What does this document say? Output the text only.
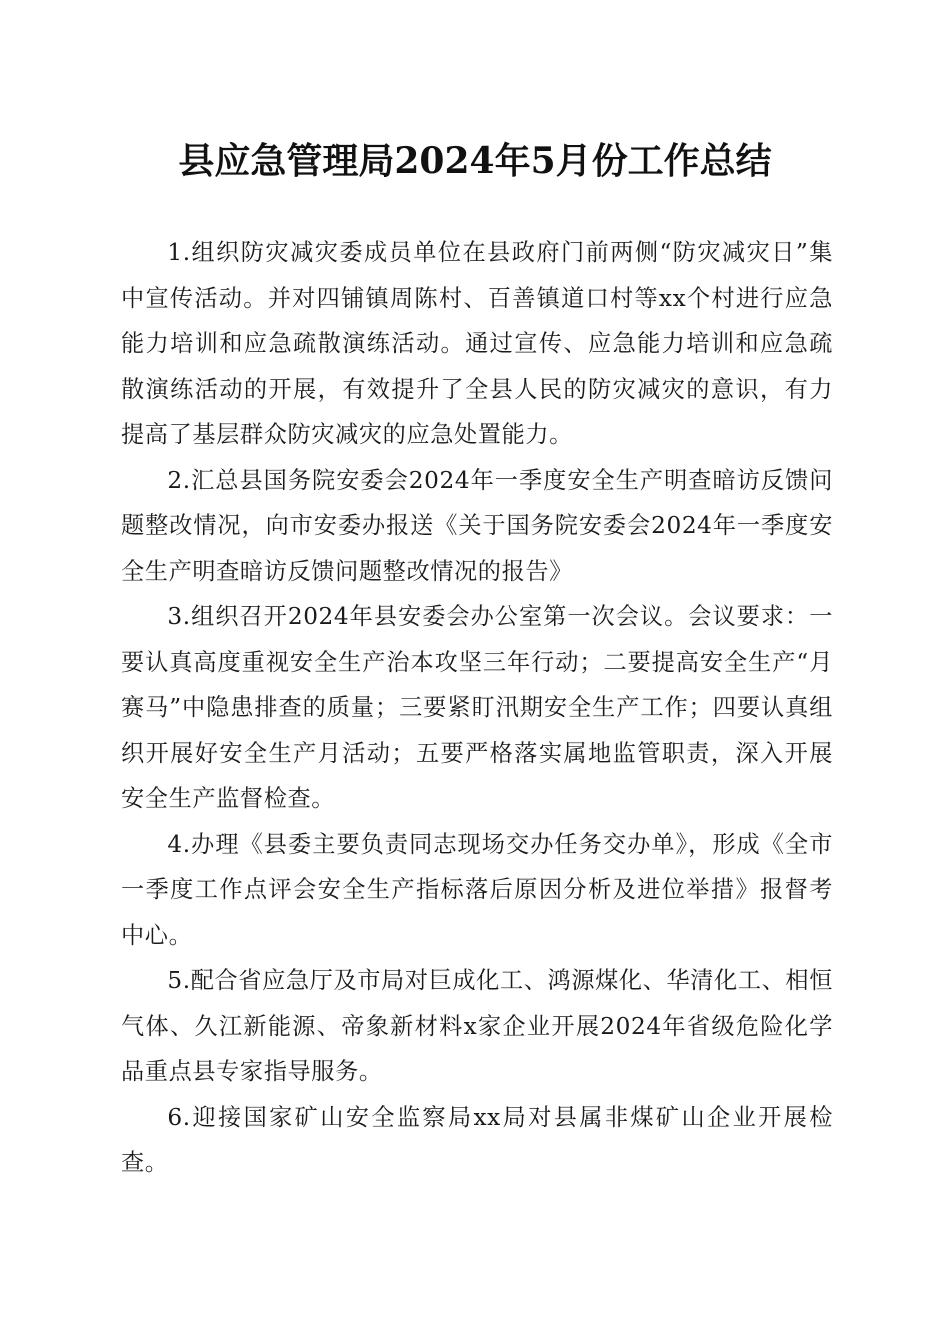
县应急管理局2024年5月份工作总结

1.组织防灾减灾委成员单位在县政府门前两侧“防灾减灾日”集中宣传活动。并对四铺镇周陈村、百善镇道口村等xx个村进行应急能力培训和应急疏散演练活动。通过宣传、应急能力培训和应急疏散演练活动的开展，有效提升了全县人民的防灾减灾的意识，有力提高了基层群众防灾减灾的应急处置能力。

2.汇总县国务院安委会2024年一季度安全生产明查暗访反馈问题整改情况，向市安委办报送《关于国务院安委会2024年一季度安全生产明查暗访反馈问题整改情况的报告》

3.组织召开2024年县安委会办公室第一次会议。会议要求：一要认真高度重视安全生产治本攻坚三年行动；二要提高安全生产“月赛马”中隐患排查的质量；三要紧盯汛期安全生产工作；四要认真组织开展好安全生产月活动；五要严格落实属地监管职责，深入开展安全生产监督检查。

4.办理《县委主要负责同志现场交办任务交办单》，形成《全市一季度工作点评会安全生产指标落后原因分析及进位举措》报督考中心。

5.配合省应急厅及市局对巨成化工、鸿源煤化、华清化工、相恒气体、久江新能源、帝象新材料x家企业开展2024年省级危险化学品重点县专家指导服务。

6.迎接国家矿山安全监察局xx局对县属非煤矿山企业开展检查。
